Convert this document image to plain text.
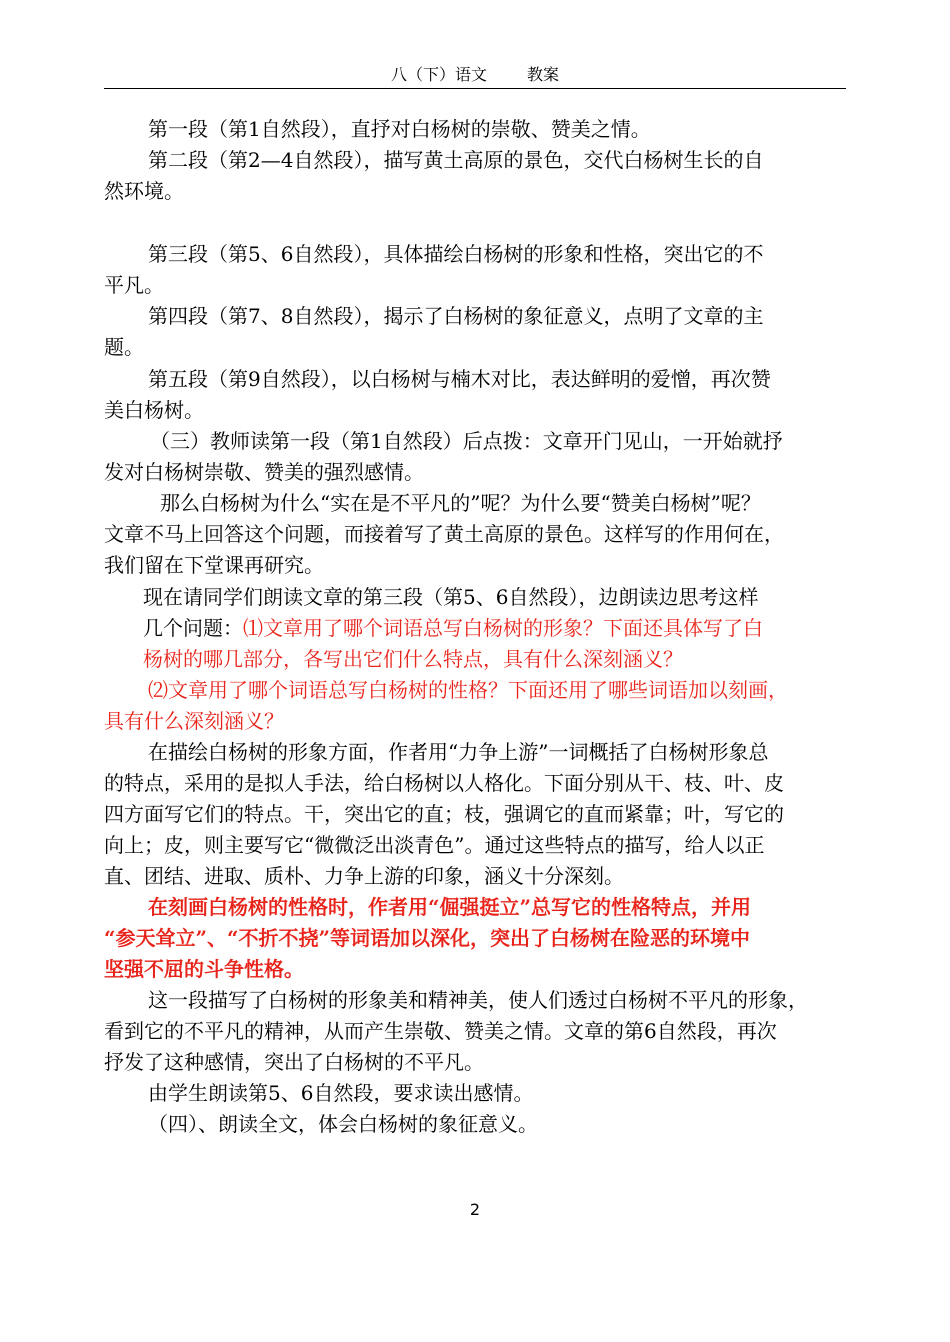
八（下）语文	教案
第一段（第1自然段），直抒对白杨树的崇敬、赞美之情。
第二段（第2—4自然段），描写黄土高原的景色，交代白杨树生长的自
然环境。
第三段（第5、6自然段），具体描绘白杨树的形象和性格，突出它的不
平凡。
第四段（第7、8自然段），揭示了白杨树的象征意义，点明了文章的主
题。
第五段（第9自然段），以白杨树与楠木对比，表达鲜明的爱憎，再次赞
美白杨树。
（三）教师读第一段（第1自然段）后点拨：文章开门见山，一开始就抒
发对白杨树崇敬、赞美的强烈感情。
那么白杨树为什么“实在是不平凡的”呢？为什么要“赞美白杨树”呢？
文章不马上回答这个问题，而接着写了黄土高原的景色。这样写的作用何在，
我们留在下堂课再研究。
现在请同学们朗读文章的第三段（第5、6自然段），边朗读边思考这样
几个问题：⑴文章用了哪个词语总写白杨树的形象？下面还具体写了白
杨树的哪几部分，各写出它们什么特点，具有什么深刻涵义？
⑵文章用了哪个词语总写白杨树的性格？下面还用了哪些词语加以刻画，
具有什么深刻涵义？
在描绘白杨树的形象方面，作者用“力争上游”一词概括了白杨树形象总
的特点，采用的是拟人手法，给白杨树以人格化。下面分别从干、枝、叶、皮
四方面写它们的特点。干，突出它的直；枝，强调它的直而紧靠；叶，写它的
向上；皮，则主要写它“微微泛出淡青色”。通过这些特点的描写，给人以正
直、团结、进取、质朴、力争上游的印象，涵义十分深刻。
在刻画白杨树的性格时，作者用“倔强挺立”总写它的性格特点，并用
“参天耸立”、“不折不挠”等词语加以深化，突出了白杨树在险恶的环境中
坚强不屈的斗争性格。
这一段描写了白杨树的形象美和精神美，使人们透过白杨树不平凡的形象，
看到它的不平凡的精神，从而产生崇敬、赞美之情。文章的第6自然段，再次
抒发了这种感情，突出了白杨树的不平凡。
由学生朗读第5、6自然段，要求读出感情。
（四）、朗读全文，体会白杨树的象征意义。
2
